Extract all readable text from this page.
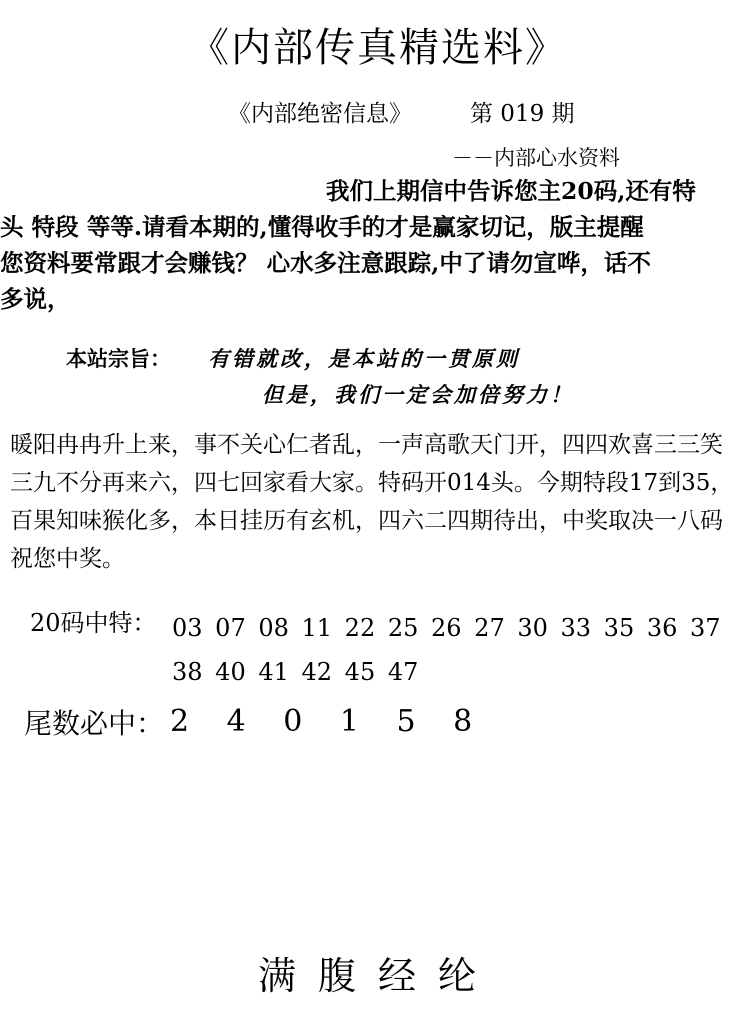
《内部传真精选料》
《内部绝密信息》	第 019 期
－－内部心水资料
我们上期信中告诉您主20码,还有特
头 特段 等等.请看本期的,懂得收手的才是赢家切记，版主提醒
您资料要常跟才会赚钱？ 心水多注意跟踪,中了请勿宣哗，话不
多说，
本站宗旨： 有错就改，是本站的一贯原则
但是，我们一定会加倍努力！
暖阳冉冉升上来，事不关心仁者乱，一声高歌天门开，四四欢喜三三笑
三九不分再来六，四七回家看大家。特码开014头。今期特段17到35，
百果知味猴化多，本日挂历有玄机，四六二四期待出，中奖取决一八码
祝您中奖。
20码中特： 03 07 08 11 22 25 26 27 30 33 35 36 37 38 40 41 42 45 47
尾数必中： 2 4 0 1 5 8
满腹经纶
